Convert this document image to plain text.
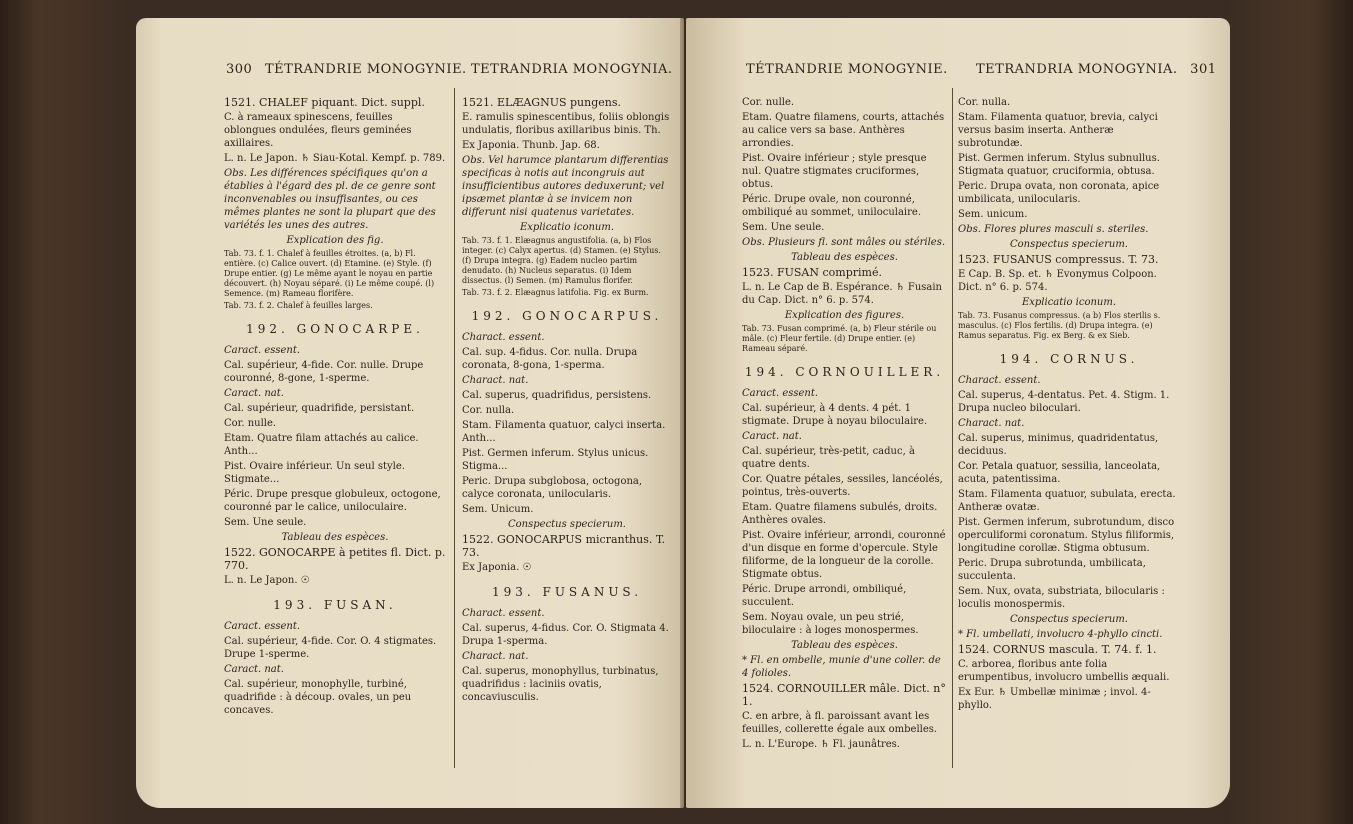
300 TÉTRANDRIE MONOGYNIE. TETRANDRIA MONOGYNIA.

1521. CHALEF piquant. Dict. suppl.

C. à rameaux spinescens, feuilles oblongues ondulées, fleurs geminées axillaires.

L. n. Le Japon. ♄ Siau-Kotal. Kempf. p. 789.

Obs. Les différences spécifiques qu'on a établies à l'égard des pl. de ce genre sont inconvenables ou insuffisantes, ou ces mêmes plantes ne sont la plupart que des variétés les unes des autres.

Explication des fig.

Tab. 73. f. 1. Chalef à feuilles étroites. (a, b) Fl. entière. (c) Calice ouvert. (d) Etamine. (e) Style. (f) Drupe entier. (g) Le même ayant le noyau en partie découvert. (h) Noyau séparé. (i) Le même coupé. (l) Semence. (m) Rameau florifère.

Tab. 73. f. 2. Chalef à feuilles larges.

192. GONOCARPE.

Caract. essent.

Cal. supérieur, 4-fide. Cor. nulle. Drupe couronné, 8-gone, 1-sperme.

Caract. nat.

Cal. supérieur, quadrifide, persistant.

Cor. nulle.

Etam. Quatre filam attachés au calice. Anth...

Pist. Ovaire inférieur. Un seul style. Stigmate...

Péric. Drupe presque globuleux, octogone, couronné par le calice, uniloculaire.

Sem. Une seule.

Tableau des espèces.

1522. GONOCARPE à petites fl. Dict. p. 770.

L. n. Le Japon. ☉

193. FUSAN.

Caract. essent.

Cal. supérieur, 4-fide. Cor. O. 4 stigmates. Drupe 1-sperme.

Caract. nat.

Cal. supérieur, monophylle, turbiné, quadrifide : à découp. ovales, un peu concaves.

1521. ELÆAGNUS pungens.

E. ramulis spinescentibus, foliis oblongis undulatis, floribus axillaribus binis. Th.

Ex Japonia. Thunb. Jap. 68.

Obs. Vel harumce plantarum differentias specificas à notis aut incongruis aut insufficientibus autores deduxerunt; vel ipsæmet plantæ à se invicem non differunt nisi quatenus varietates.

Explicatio iconum.

Tab. 73. f. 1. Elæagnus angustifolia. (a, b) Flos integer. (c) Calyx apertus. (d) Stamen. (e) Stylus. (f) Drupa integra. (g) Eadem nucleo partim denudato. (h) Nucleus separatus. (i) Idem dissectus. (l) Semen. (m) Ramulus florifer.

Tab. 73. f. 2. Elæagnus latifolia. Fig. ex Burm.

192. GONOCARPUS.

Charact. essent.

Cal. sup. 4-fidus. Cor. nulla. Drupa coronata, 8-gona, 1-sperma.

Charact. nat.

Cal. superus, quadrifidus, persistens.

Cor. nulla.

Stam. Filamenta quatuor, calyci inserta. Anth...

Pist. Germen inferum. Stylus unicus. Stigma...

Peric. Drupa subglobosa, octogona, calyce coronata, unilocularis.

Sem. Unicum.

Conspectus specierum.

1522. GONOCARPUS micranthus. T. 73.

Ex Japonia. ☉

193. FUSANUS.

Charact. essent.

Cal. superus, 4-fidus. Cor. O. Stigmata 4. Drupa 1-sperma.

Charact. nat.

Cal. superus, monophyllus, turbinatus, quadrifidus : laciniis ovatis, concaviusculis.

TÉTRANDRIE MONOGYNIE. TETRANDRIA MONOGYNIA. 301

Cor. nulle.

Etam. Quatre filamens, courts, attachés au calice vers sa base. Anthères arrondies.

Pist. Ovaire inférieur ; style presque nul. Quatre stigmates cruciformes, obtus.

Péric. Drupe ovale, non couronné, ombiliqué au sommet, uniloculaire.

Sem. Une seule.

Obs. Plusieurs fl. sont mâles ou stériles.

Tableau des espèces.

1523. FUSAN comprimé.

L. n. Le Cap de B. Espérance. ♄ Fusain du Cap. Dict. n° 6. p. 574.

Explication des figures.

Tab. 73. Fusan comprimé. (a, b) Fleur stérile ou mâle. (c) Fleur fertile. (d) Drupe entier. (e) Rameau séparé.

194. CORNOUILLER.

Caract. essent.

Cal. supérieur, à 4 dents. 4 pét. 1 stigmate. Drupe à noyau biloculaire.

Caract. nat.

Cal. supérieur, très-petit, caduc, à quatre dents.

Cor. Quatre pétales, sessiles, lancéolés, pointus, très-ouverts.

Etam. Quatre filamens subulés, droits. Anthères ovales.

Pist. Ovaire inférieur, arrondi, couronné d'un disque en forme d'opercule. Style filiforme, de la longueur de la corolle. Stigmate obtus.

Péric. Drupe arrondi, ombiliqué, succulent.

Sem. Noyau ovale, un peu strié, biloculaire : à loges monospermes.

Tableau des espèces.

* Fl. en ombelle, munie d'une coller. de 4 folioles.

1524. CORNOUILLER mâle. Dict. n° 1.

C. en arbre, à fl. paroissant avant les feuilles, collerette égale aux ombelles.

L. n. L'Europe. ♄ Fl. jaunâtres.

Cor. nulla.

Stam. Filamenta quatuor, brevia, calyci versus basim inserta. Antheræ subrotundæ.

Pist. Germen inferum. Stylus subnullus. Stigmata quatuor, cruciformia, obtusa.

Peric. Drupa ovata, non coronata, apice umbilicata, unilocularis.

Sem. unicum.

Obs. Flores plures masculi s. steriles.

Conspectus specierum.

1523. FUSANUS compressus. T. 73.

E Cap. B. Sp. et. ♄ Evonymus Colpoon. Dict. n° 6. p. 574.

Explicatio iconum.

Tab. 73. Fusanus compressus. (a b) Flos sterilis s. masculus. (c) Flos fertilis. (d) Drupa integra. (e) Ramus separatus. Fig. ex Berg. & ex Sieb.

194. CORNUS.

Charact. essent.

Cal. superus, 4-dentatus. Pet. 4. Stigm. 1. Drupa nucleo biloculari.

Charact. nat.

Cal. superus, minimus, quadridentatus, deciduus.

Cor. Petala quatuor, sessilia, lanceolata, acuta, patentissima.

Stam. Filamenta quatuor, subulata, erecta. Antheræ ovatæ.

Pist. Germen inferum, subrotundum, disco operculiformi coronatum. Stylus filiformis, longitudine corollæ. Stigma obtusum.

Peric. Drupa subrotunda, umbilicata, succulenta.

Sem. Nux, ovata, substriata, bilocularis : loculis monospermis.

Conspectus specierum.

* Fl. umbellati, involucro 4-phyllo cincti.

1524. CORNUS mascula. T. 74. f. 1.

C. arborea, floribus ante folia erumpentibus, involucro umbellis æquali.

Ex Eur. ♄ Umbellæ minimæ ; invol. 4-phyllo.
